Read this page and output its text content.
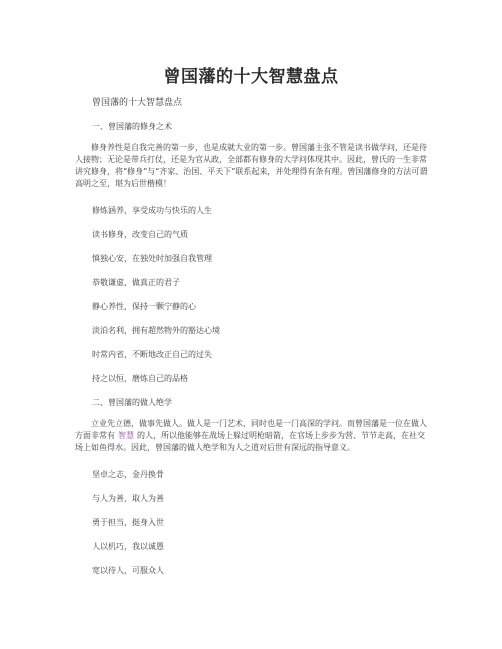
曾国藩的十大智慧盘点
曾国藩的十大智慧盘点
一、曾国藩的修身之术
修身养性是自我完善的第一步，也是成就大业的第一步。曾国藩主张不管是读书做学问，还是待人接物；无论是带兵打仗，还是为官从政，全部都有修身的大学问体现其中。因此，曾氏的一生非常讲究修身，将“修身”与“齐家、治国、平天下”联系起来，并处理得有条有理。曾国藩修身的方法可谓高明之至，堪为后世楷模！
修炼涵养，享受成功与快乐的人生
读书修身，改变自己的气质
慎独心安，在独处时加强自我管理
恭敬谦虚，做真正的君子
静心养性，保持一颗宁静的心
淡泊名利，拥有超然物外的豁达心境
时常内省，不断地改正自己的过失
持之以恒，磨炼自己的品格
二、曾国藩的做人绝学
立业先立德，做事先做人。做人是一门艺术，同时也是一门高深的学问。而曾国藩是一位在做人方面非常有 智慧 的人，所以他能够在战场上躲过明枪暗箭，在官场上步步为营、节节走高，在社交场上如鱼得水。因此，曾国藩的做人绝学和为人之道对后世有深远的指导意义。
坚卓之志，金丹换骨
与人为善，取人为善
勇于担当，挺身入世
人以机巧，我以诚愚
宽以待人，可服众人
